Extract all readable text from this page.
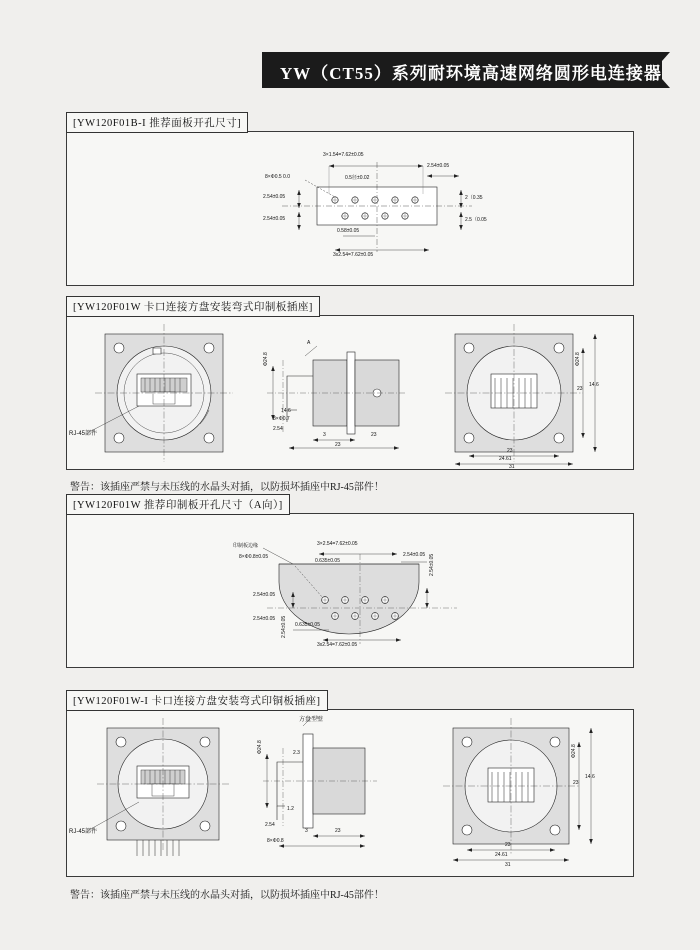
YW（CT55）系列耐环境高速网络圆形电连接器
[YW120F01B-I 推荐面板开孔尺寸]
3×1.54=7.62±0.05
2.54±0.05
0.5径±0.02
8×Φ0.5 0.0
2.54±0.05
2.54±0.05
2（0.35
2.5（0.05
0.58±0.05
3x2.54=7.62±0.05
[YW120F01W 卡口连接方盘安装弯式印制板插座]
RJ-45部件
Φ24.8
14.6
8×Φ0.7
2.54
3	23
23
A
Φ24.8
23
14.6
23
24.61
31
警告：该插座严禁与未压线的水晶头对插，以防损坏插座中RJ-45部件！
[YW120F01W 推荐印制板开孔尺寸（A向）]
印制板边缘	3×2.54=7.62±0.05
2.54±0.05
8×Φ0.8±0.05
0.635±0.05
2.54±0.05
2.54±0.05
2.54±0.05
0.635±0.05
3x2.54=7.62±0.05
2.54±0.05
[YW120F01W-I 卡口连接方盘安装弯式印铜板插座]
RJ-45部件
方盘型壁
Φ24.8	2.3
1.2
2.54
3	23
8×Φ0.8
Φ24.8
23
14.6
23
24.61
31
警告：该插座严禁与未压线的水晶头对插，以防损坏插座中RJ-45部件！
